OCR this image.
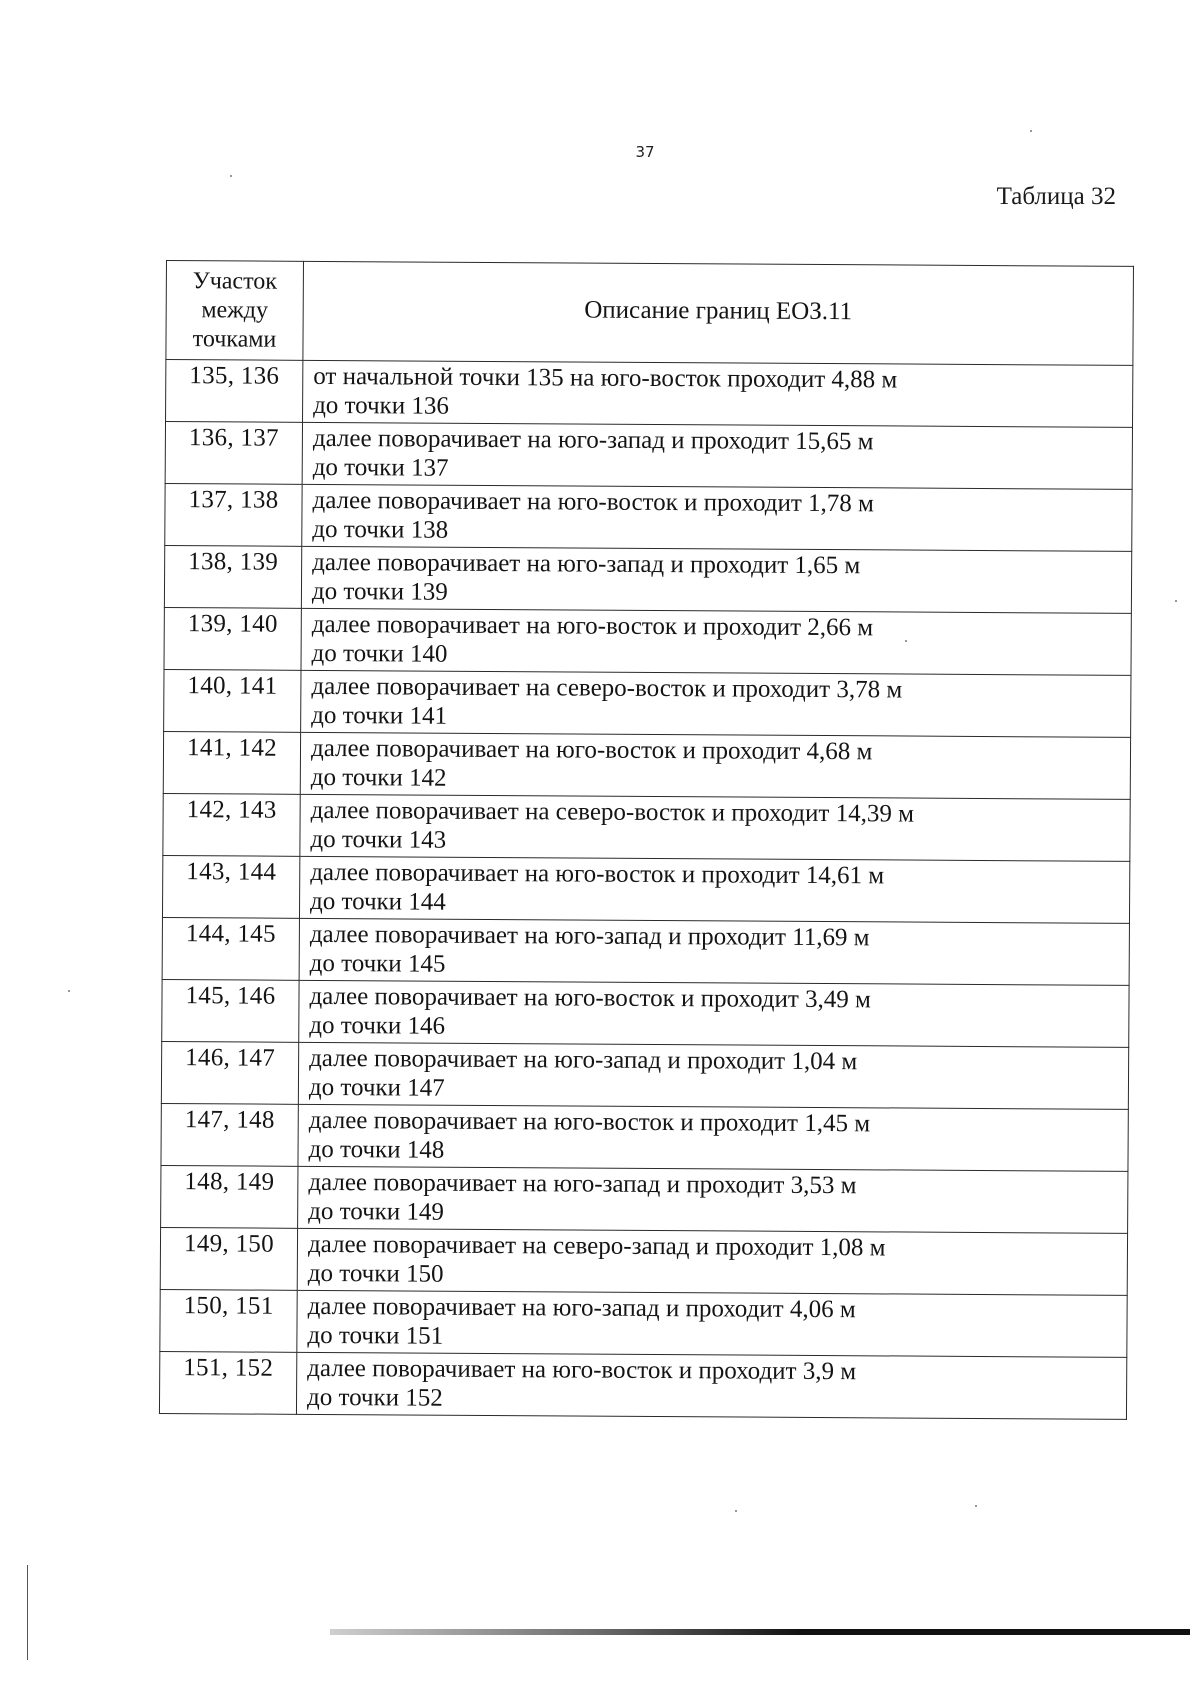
37
Таблица 32
Участок
между
точками	Описание границ ЕОЗ.11
135, 136	от начальной точки 135 на юго-восток проходит 4,88 м
до точки 136

136, 137	далее поворачивает на юго-запад и проходит 15,65 м
до точки 137

137, 138	далее поворачивает на юго-восток и проходит 1,78 м
до точки 138

138, 139	далее поворачивает на юго-запад и проходит 1,65 м
до точки 139

139, 140	далее поворачивает на юго-восток и проходит 2,66 м
до точки 140

140, 141	далее поворачивает на северо-восток и проходит 3,78 м
до точки 141

141, 142	далее поворачивает на юго-восток и проходит 4,68 м
до точки 142

142, 143	далее поворачивает на северо-восток и проходит 14,39 м
до точки 143

143, 144	далее поворачивает на юго-восток и проходит 14,61 м
до точки 144

144, 145	далее поворачивает на юго-запад и проходит 11,69 м
до точки 145

145, 146	далее поворачивает на юго-восток и проходит 3,49 м
до точки 146

146, 147	далее поворачивает на юго-запад и проходит 1,04 м
до точки 147

147, 148	далее поворачивает на юго-восток и проходит 1,45 м
до точки 148

148, 149	далее поворачивает на юго-запад и проходит 3,53 м
до точки 149

149, 150	далее поворачивает на северо-запад и проходит 1,08 м
до точки 150

150, 151	далее поворачивает на юго-запад и проходит 4,06 м
до точки 151

151, 152	далее поворачивает на юго-восток и проходит 3,9 м
до точки 152
